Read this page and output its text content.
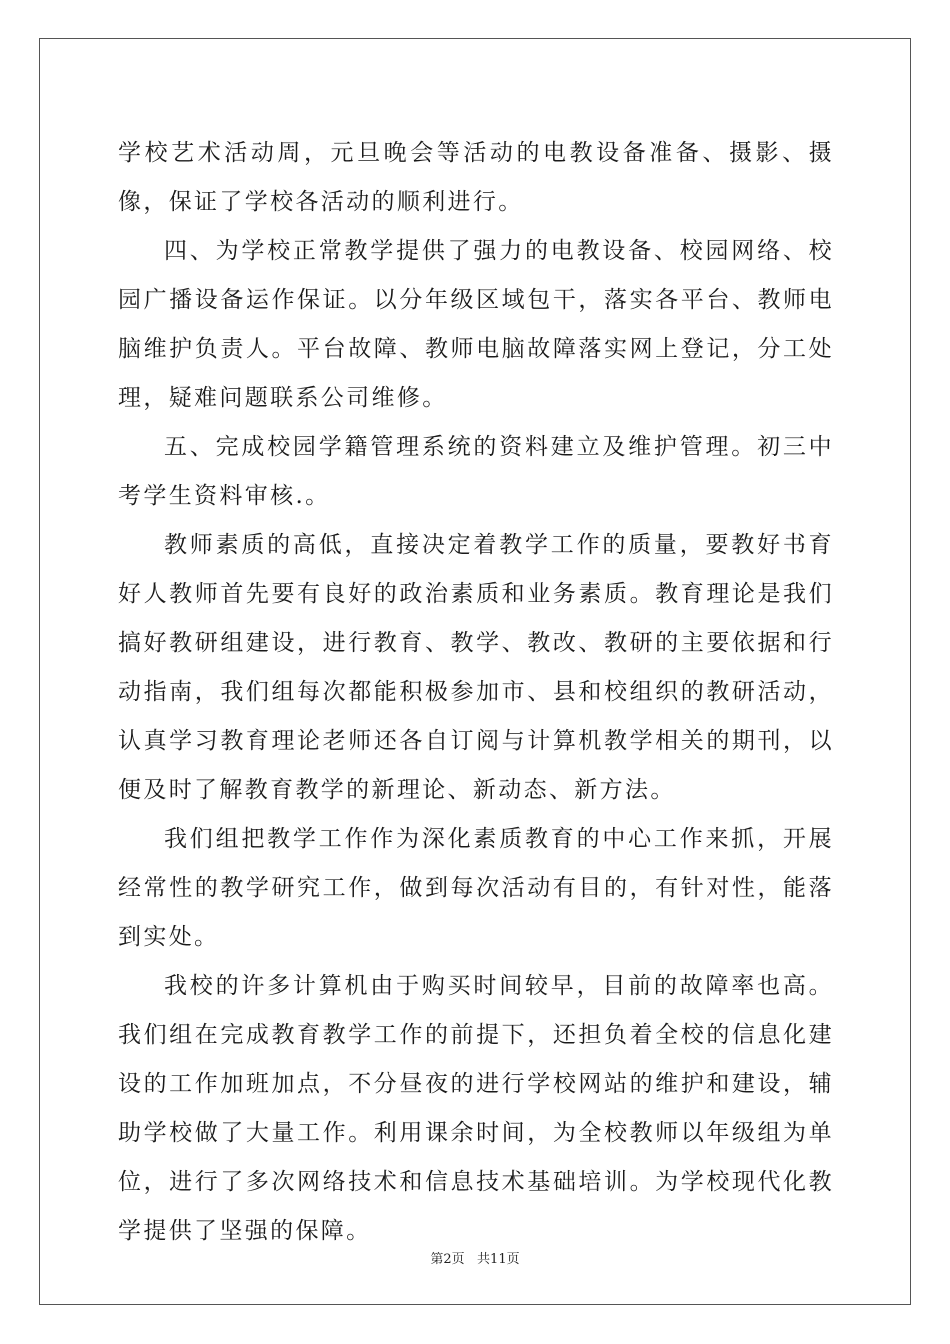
学校艺术活动周，元旦晚会等活动的电教设备准备、摄影、摄像，保证了学校各活动的顺利进行。

四、为学校正常教学提供了强力的电教设备、校园网络、校园广播设备运作保证。以分年级区域包干，落实各平台、教师电脑维护负责人。平台故障、教师电脑故障落实网上登记，分工处理，疑难问题联系公司维修。

五、完成校园学籍管理系统的资料建立及维护管理。初三中考学生资料审核.。

教师素质的高低，直接决定着教学工作的质量，要教好书育好人教师首先要有良好的政治素质和业务素质。教育理论是我们搞好教研组建设，进行教育、教学、教改、教研的主要依据和行动指南，我们组每次都能积极参加市、县和校组织的教研活动，认真学习教育理论老师还各自订阅与计算机教学相关的期刊，以便及时了解教育教学的新理论、新动态、新方法。

我们组把教学工作作为深化素质教育的中心工作来抓，开展经常性的教学研究工作，做到每次活动有目的，有针对性，能落到实处。

我校的许多计算机由于购买时间较早，目前的故障率也高。我们组在完成教育教学工作的前提下，还担负着全校的信息化建设的工作加班加点，不分昼夜的进行学校网站的维护和建设，辅助学校做了大量工作。利用课余时间，为全校教师以年级组为单位，进行了多次网络技术和信息技术基础培训。为学校现代化教学提供了坚强的保障。

第2页   共11页
